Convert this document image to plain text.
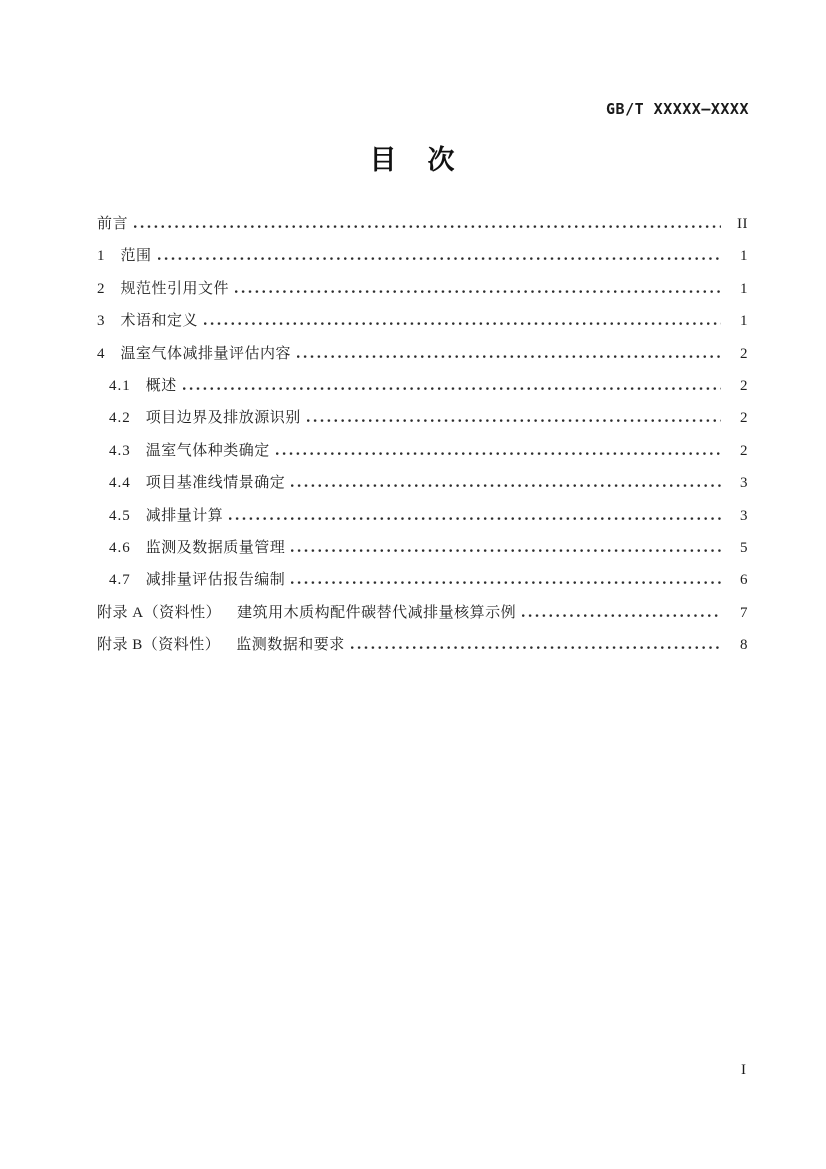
GB/T XXXXX—XXXX
目　次
前言	II
1 范围	1
2 规范性引用文件	1
3 术语和定义	1
4 温室气体减排量评估内容	2
4.1 概述	2
4.2 项目边界及排放源识别	2
4.3 温室气体种类确定	2
4.4 项目基准线情景确定	3
4.5 减排量计算	3
4.6 监测及数据质量管理	5
4.7 减排量评估报告编制	6
附录 A（资料性） 建筑用木质构配件碳替代减排量核算示例	7
附录 B（资料性） 监测数据和要求	8
I
